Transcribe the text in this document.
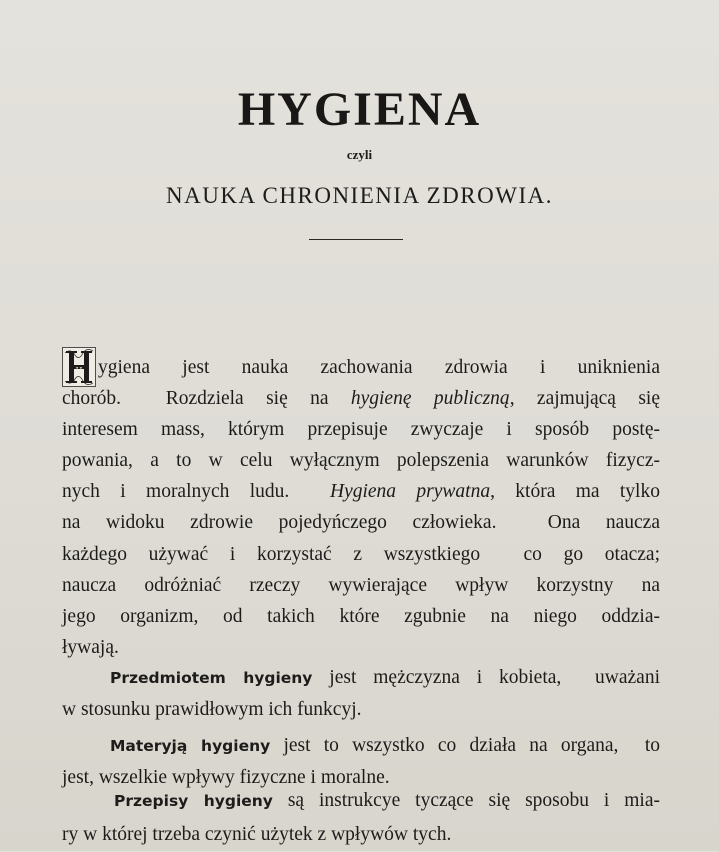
HYGIENA
czyli
NAUKA CHRONIENIA ZDROWIA.
H ygiena jest nauka zachowania zdrowia i uniknienia
chorób.  Rozdziela się na hygienę publiczną, zajmującą się
interesem mass, którym przepisuje zwyczaje i sposób postę-
powania, a to w celu wyłącznym polepszenia warunków fizycz-
nych i moralnych ludu.  Hygiena prywatna, która ma tylko
na widoku zdrowie pojedyńczego człowieka.  Ona naucza
każdego używać i korzystać z wszystkiego  co go otacza;
naucza odróżniać rzeczy wywierające wpływ korzystny na
jego organizm, od takich które zgubnie na niego oddzia-
ływają.
Przedmiotem hygieny jest mężczyzna i kobieta,  uważani
w stosunku prawidłowym ich funkcyj.
Materyją hygieny jest to wszystko co działa na organa,  to
jest, wszelkie wpływy fizyczne i moralne.
Przepisy hygieny są instrukcye tyczące się sposobu i mia-
ry w której trzeba czynić użytek z wpływów tych.
